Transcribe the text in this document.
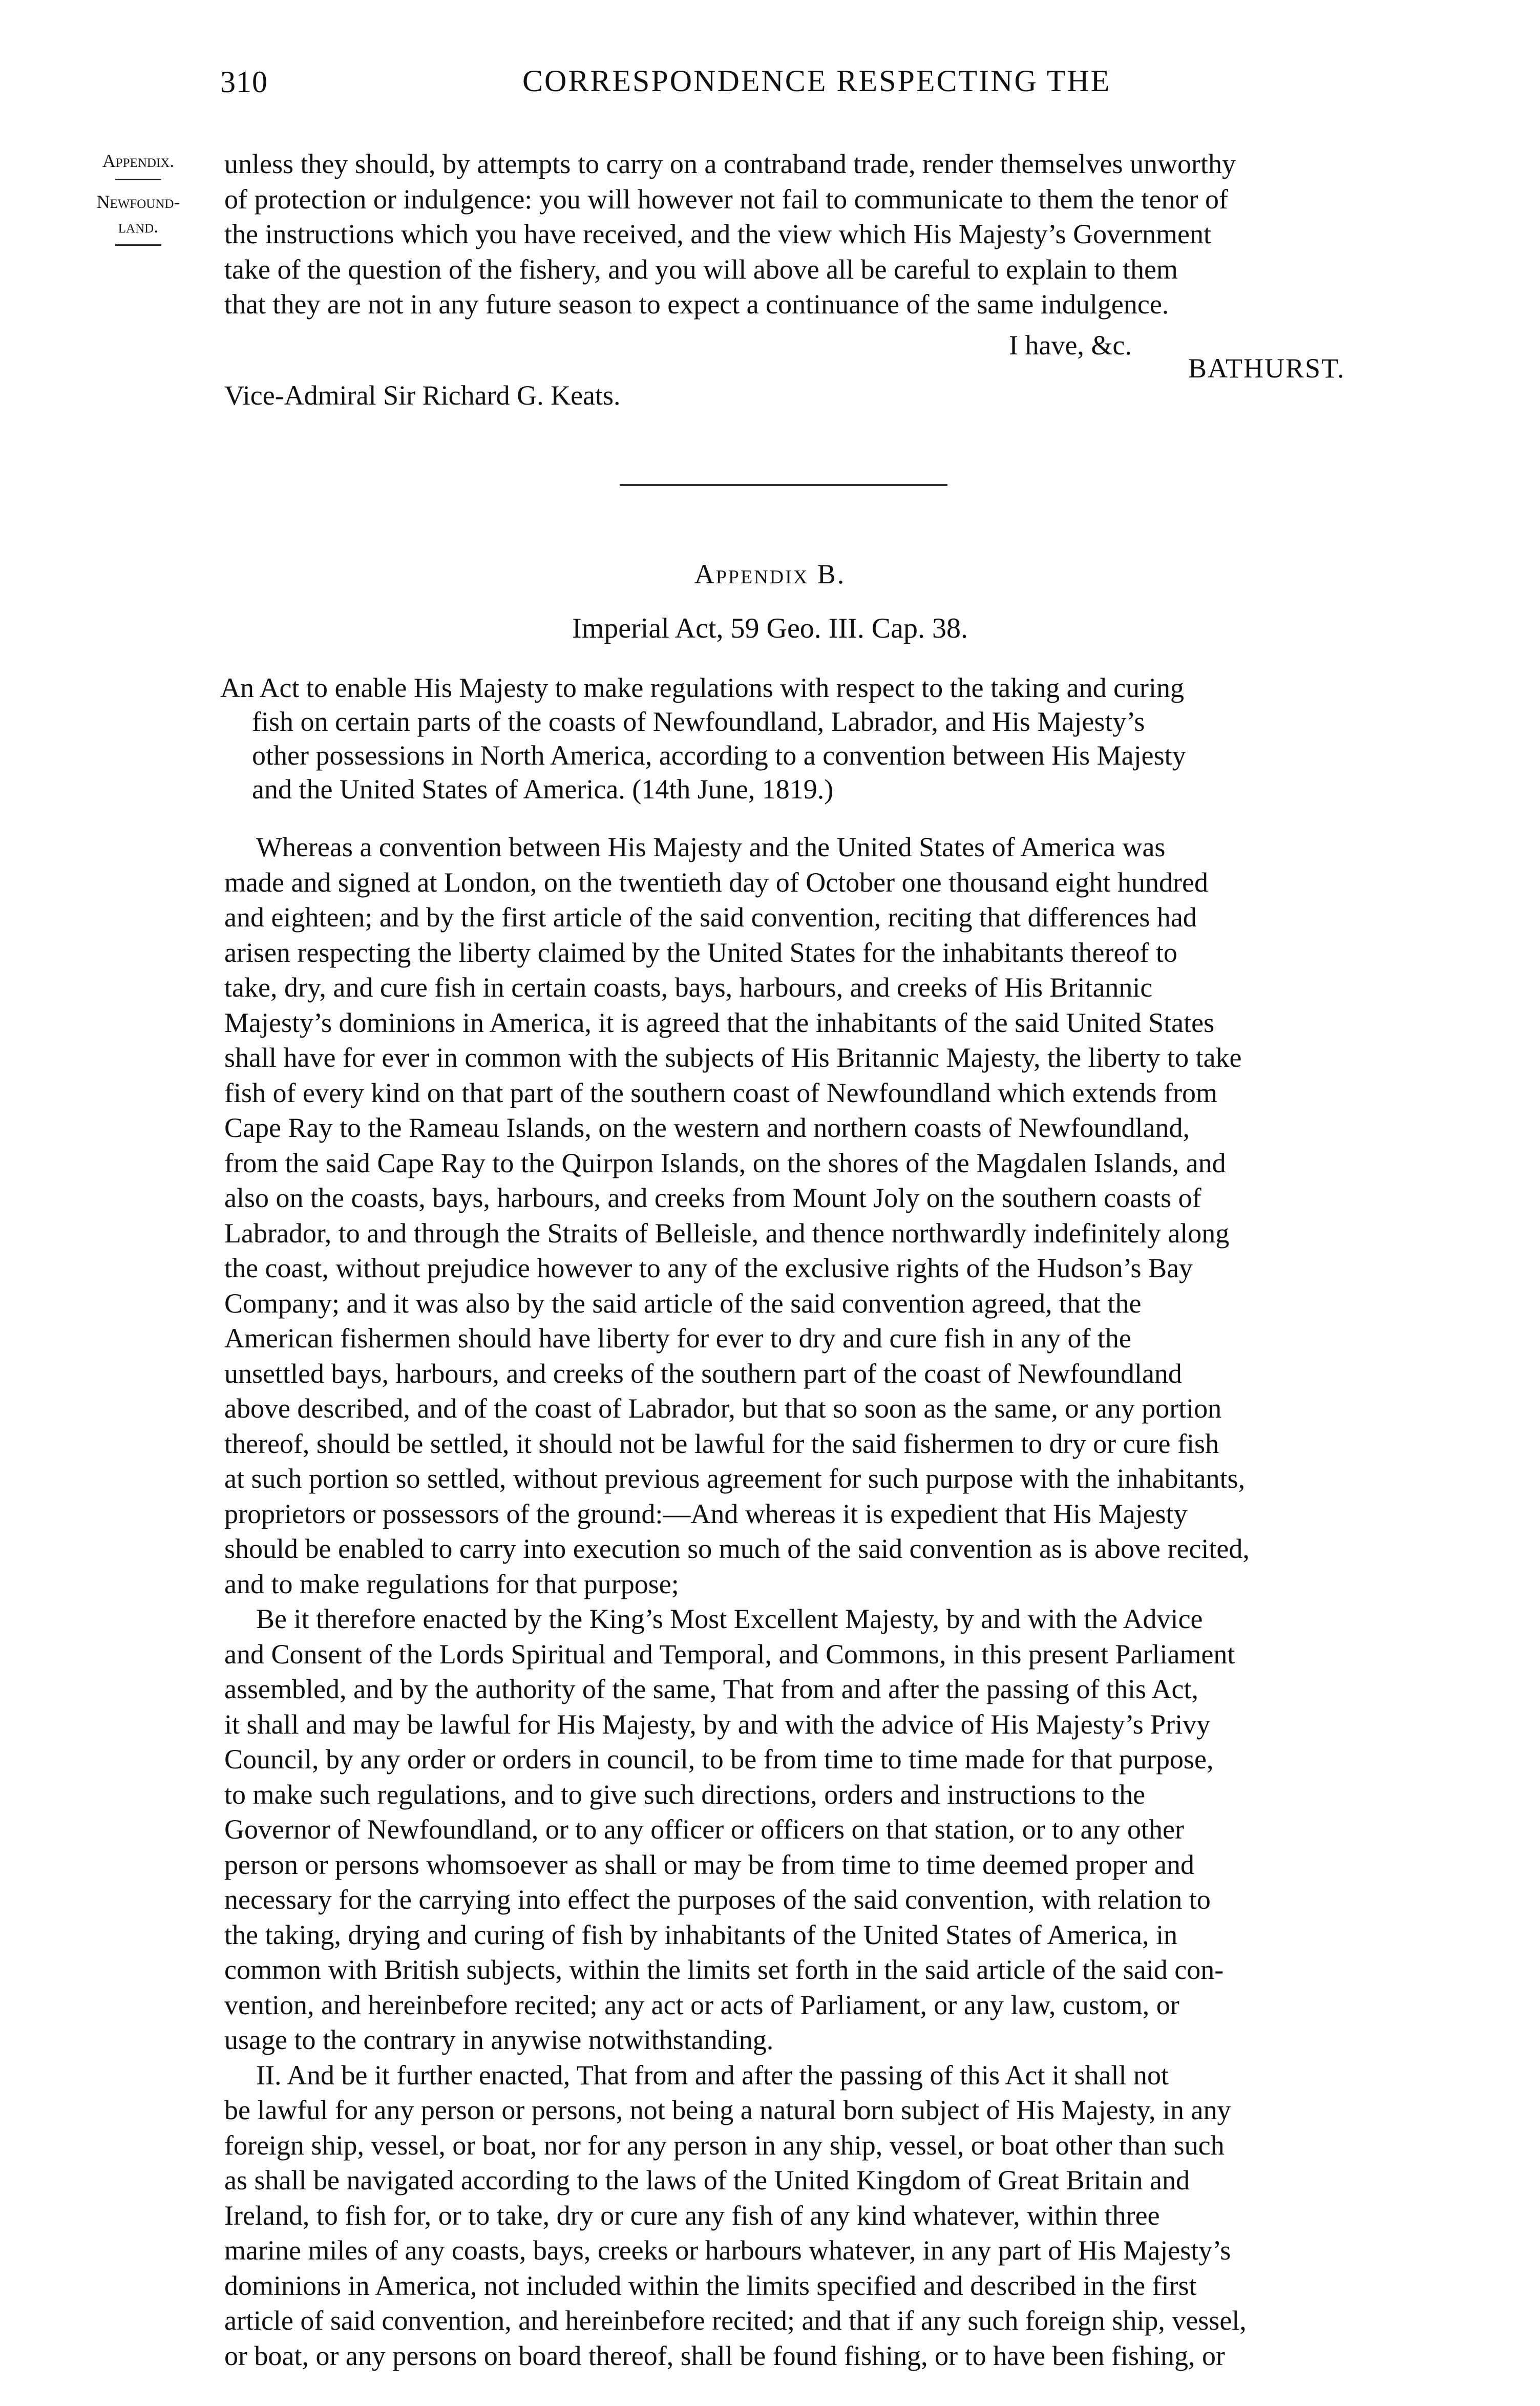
310	CORRESPONDENCE RESPECTING THE
Appendix.
Newfound-
land.
unless they should, by attempts to carry on a contraband trade, render themselves unworthy
of protection or indulgence: you will however not fail to communicate to them the tenor of
the instructions which you have received, and the view which His Majesty’s Government
take of the question of the fishery, and you will above all be careful to explain to them
that they are not in any future season to expect a continuance of the same indulgence.
I have, &c.
BATHURST.
Vice-Admiral Sir Richard G. Keats.
Appendix B.
Imperial Act, 59 Geo. III. Cap. 38.
An Act to enable His Majesty to make regulations with respect to the taking and curing
fish on certain parts of the coasts of Newfoundland, Labrador, and His Majesty’s
other possessions in North America, according to a convention between His Majesty
and the United States of America. (14th June, 1819.)
Whereas a convention between His Majesty and the United States of America was
made and signed at London, on the twentieth day of October one thousand eight hundred
and eighteen; and by the first article of the said convention, reciting that differences had
arisen respecting the liberty claimed by the United States for the inhabitants thereof to
take, dry, and cure fish in certain coasts, bays, harbours, and creeks of His Britannic
Majesty’s dominions in America, it is agreed that the inhabitants of the said United States
shall have for ever in common with the subjects of His Britannic Majesty, the liberty to take
fish of every kind on that part of the southern coast of Newfoundland which extends from
Cape Ray to the Rameau Islands, on the western and northern coasts of Newfoundland,
from the said Cape Ray to the Quirpon Islands, on the shores of the Magdalen Islands, and
also on the coasts, bays, harbours, and creeks from Mount Joly on the southern coasts of
Labrador, to and through the Straits of Belleisle, and thence northwardly indefinitely along
the coast, without prejudice however to any of the exclusive rights of the Hudson’s Bay
Company; and it was also by the said article of the said convention agreed, that the
American fishermen should have liberty for ever to dry and cure fish in any of the
unsettled bays, harbours, and creeks of the southern part of the coast of Newfoundland
above described, and of the coast of Labrador, but that so soon as the same, or any portion
thereof, should be settled, it should not be lawful for the said fishermen to dry or cure fish
at such portion so settled, without previous agreement for such purpose with the inhabitants,
proprietors or possessors of the ground:—And whereas it is expedient that His Majesty
should be enabled to carry into execution so much of the said convention as is above recited,
and to make regulations for that purpose;
Be it therefore enacted by the King’s Most Excellent Majesty, by and with the Advice
and Consent of the Lords Spiritual and Temporal, and Commons, in this present Parliament
assembled, and by the authority of the same, That from and after the passing of this Act,
it shall and may be lawful for His Majesty, by and with the advice of His Majesty’s Privy
Council, by any order or orders in council, to be from time to time made for that purpose,
to make such regulations, and to give such directions, orders and instructions to the
Governor of Newfoundland, or to any officer or officers on that station, or to any other
person or persons whomsoever as shall or may be from time to time deemed proper and
necessary for the carrying into effect the purposes of the said convention, with relation to
the taking, drying and curing of fish by inhabitants of the United States of America, in
common with British subjects, within the limits set forth in the said article of the said con-
vention, and hereinbefore recited; any act or acts of Parliament, or any law, custom, or
usage to the contrary in anywise notwithstanding.
II. And be it further enacted, That from and after the passing of this Act it shall not
be lawful for any person or persons, not being a natural born subject of His Majesty, in any
foreign ship, vessel, or boat, nor for any person in any ship, vessel, or boat other than such
as shall be navigated according to the laws of the United Kingdom of Great Britain and
Ireland, to fish for, or to take, dry or cure any fish of any kind whatever, within three
marine miles of any coasts, bays, creeks or harbours whatever, in any part of His Majesty’s
dominions in America, not included within the limits specified and described in the first
article of said convention, and hereinbefore recited; and that if any such foreign ship, vessel,
or boat, or any persons on board thereof, shall be found fishing, or to have been fishing, or
